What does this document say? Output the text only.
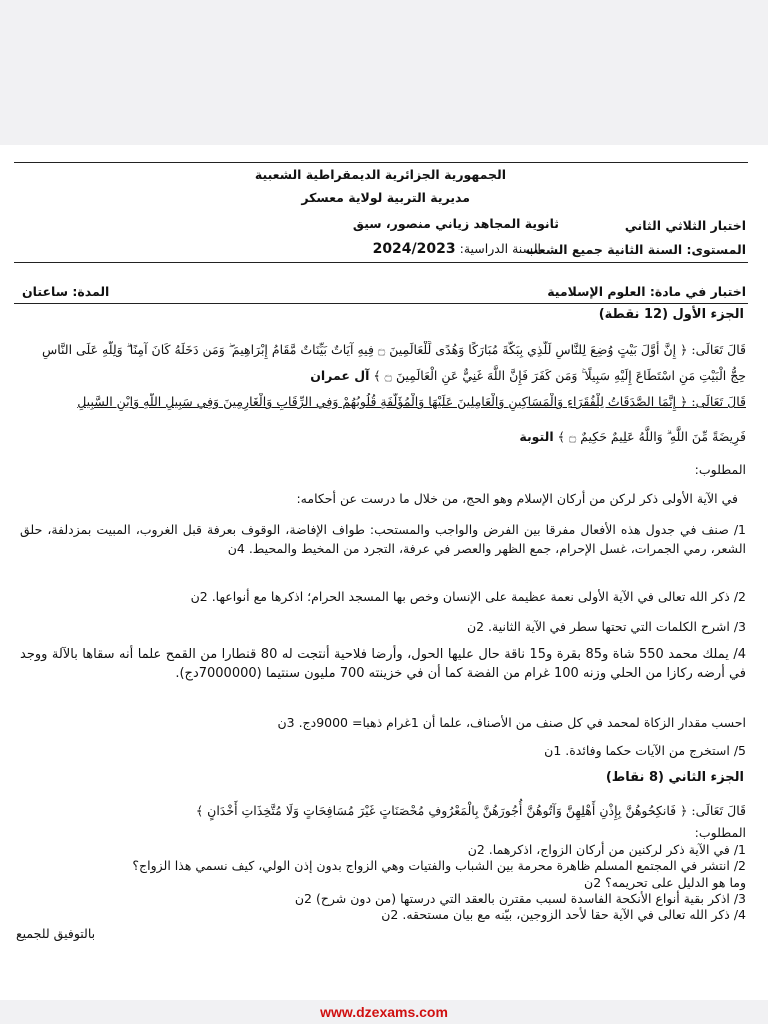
الجمهورية الجزائرية الديمقراطية الشعبية
مديرية التربية لولاية معسكر
ثانوية المجاهد زياني منصور، سيق	اختبار الثلاثي الثاني
السنة الدراسية: 2024/2023	المستوى: السنة الثانية جميع الشعب
اختبار في مادة: العلوم الإسلامية
المدة: ساعتان
الجزء الأول (12 نقطة)
قَالَ تَعَالَى: ﴿ إِنَّ أَوَّلَ بَيْتٍ وُضِعَ لِلنَّاسِ لَلَّذِي بِبَكَّةَ مُبَارَكًا وَهُدًى لِّلْعَالَمِينَ ۝ فِيهِ آيَاتٌ بَيِّنَاتٌ مَّقَامُ إِبْرَاهِيمَ ۖ وَمَن دَخَلَهُ كَانَ آمِنًا ۗ وَلِلَّهِ عَلَى النَّاسِ
حِجُّ الْبَيْتِ مَنِ اسْتَطَاعَ إِلَيْهِ سَبِيلًا ۚ وَمَن كَفَرَ فَإِنَّ اللَّهَ غَنِيٌّ عَنِ الْعَالَمِينَ ۝ ﴾ آل عمران
قَالَ تَعَالَى: ﴿ إِنَّمَا الصَّدَقَاتُ لِلْفُقَرَاءِ وَالْمَسَاكِينِ وَالْعَامِلِينَ عَلَيْهَا وَالْمُؤَلَّفَةِ قُلُوبُهُمْ وَفِي الرِّقَابِ وَالْغَارِمِينَ وَفِي سَبِيلِ اللَّهِ وَابْنِ السَّبِيلِ
فَرِيضَةً مِّنَ اللَّهِ ۗ وَاللَّهُ عَلِيمٌ حَكِيمٌ ۝ ﴾ التوبة
المطلوب:
في الآية الأولى ذكر لركن من أركان الإسلام وهو الحج، من خلال ما درست عن أحكامه:
1/ صنف في جدول هذه الأفعال مفرقا بين الفرض والواجب والمستحب: طواف الإفاضة، الوقوف بعرفة قبل الغروب، المبيت بمزدلفة، حلق الشعر، رمي الجمرات، غسل الإحرام، جمع الظهر والعصر في عرفة، التجرد من المخيط والمحيط. 4ن
2/ ذكر الله تعالى في الآية الأولى نعمة عظيمة على الإنسان وخص بها المسجد الحرام؛ اذكرها مع أنواعها. 2ن
3/ اشرح الكلمات التي تحتها سطر في الآية الثانية. 2ن
4/ يملك محمد 550 شاة و85 بقرة و15 ناقة حال عليها الحول، وأرضا فلاحية أنتجت له 80 قنطارا من القمح علما أنه سقاها بالآلة ووجد في أرضه ركازا من الحلي وزنه 100 غرام من الفضة كما أن في خزينته 700 مليون سنتيما (7000000دج).
احسب مقدار الزكاة لمحمد في كل صنف من الأصناف، علما أن 1غرام ذهبا= 9000دج. 3ن
5/ استخرج من الآيات حكما وفائدة. 1ن
الجزء الثاني (8 نقاط)
قَالَ تَعَالَى: ﴿ فَانكِحُوهُنَّ بِإِذْنِ أَهْلِهِنَّ وَآتُوهُنَّ أُجُورَهُنَّ بِالْمَعْرُوفِ مُحْصَنَاتٍ غَيْرَ مُسَافِحَاتٍ وَلَا مُتَّخِذَاتِ أَخْدَانٍ ﴾
المطلوب:
1/ في الآية ذكر لركنين من أركان الزواج، اذكرهما. 2ن
2/ انتشر في المجتمع المسلم ظاهرة محرمة بين الشباب والفتيات وهي الزواج بدون إذن الولي، كيف نسمي هذا الزواج؟
وما هو الدليل على تحريمه؟ 2ن
3/ اذكر بقية أنواع الأنكحة الفاسدة لسبب مقترن بالعقد التي درستها (من دون شرح) 2ن
4/ ذكر الله تعالى في الآية حقا لأحد الزوجين، بيّنه مع بيان مستحقه. 2ن
بالتوفيق للجميع
www.dzexams.com
